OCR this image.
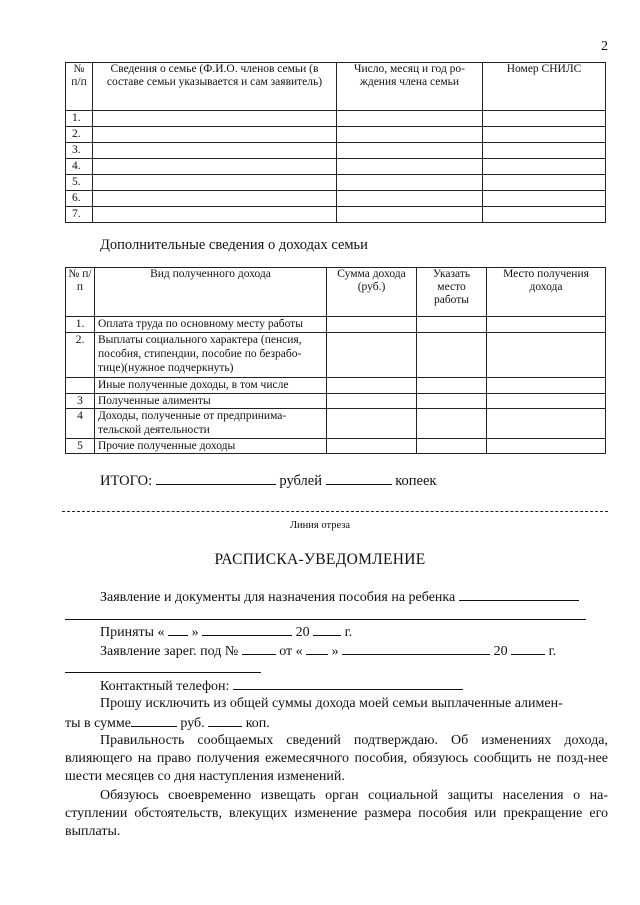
2
№ п/п	Сведения о семье (Ф.И.О. членов семьи (в составе семьи указывается и сам заявитель)	Число, месяц и год ро-ждения члена семьи	Номер СНИЛС
1.			
2.			
3.			
4.			
5.			
6.			
7.			
Дополнительные сведения о доходах семьи
№ п/п	Вид полученного дохода	Сумма дохода (руб.)	Указать место работы	Место получения дохода
1.	Оплата труда по основному месту работы			
2.	Выплаты социального характера (пенсия, пособия, стипендии, пособие по безрабо-тице)(нужное подчеркнуть)			
	Иные полученные доходы, в том числе			
3	Полученные алименты			
4	Доходы, полученные от предпринима-тельской деятельности			
5	Прочие полученные доходы			
ИТОГО:	рублей	копеек
Линия отреза
РАСПИСКА-УВЕДОМЛЕНИЕ
Заявление и документы для назначения пособия на ребенка
Приняты « »	20	г.
Заявление зарег. под №	от « »	20	г.
Контактный телефон:
Прошу исключить из общей суммы дохода моей семьи выплаченные алимен-
ты в сумме	руб.	коп.
Правильность сообщаемых сведений подтверждаю. Об изменениях дохода, влияющего на право получения ежемесячного пособия, обязуюсь сообщить не позд-нее шести месяцев со дня наступления изменений.
Обязуюсь своевременно извещать орган социальной защиты населения о на-ступлении обстоятельств, влекущих изменение размера пособия или прекращение его выплаты.
